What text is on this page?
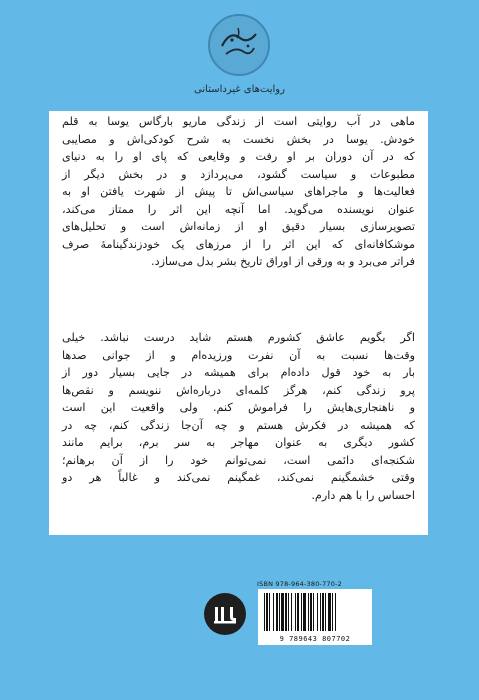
روایت‌های غیرداستانی
ماهی در آب روایتی است از زندگی ماریو بارگاس یوسا به قلم
خودش. یوسا در بخش نخست به شرح کودکی‌اش و مصایبی
که در آن دوران بر او رفت و وقایعی که پای او را به دنیای
مطبوعات و سیاست گشود، می‌پردازد و در بخش دیگر از
فعالیت‌ها و ماجراهای سیاسی‌اش تا پیش از شهرت یافتن او به
عنوان نویسنده می‌گوید. اما آنچه این اثر را ممتاز می‌کند،
تصویرسازی بسیار دقیق او از زمانه‌اش است و تحلیل‌های
موشکافانه‌ای که این اثر را از مرزهای یک خودزندگینامهٔ صرف
فراتر می‌برد و به ورقی از اوراق تاریخ بشر بدل می‌سازد.
اگر بگویم عاشق کشورم هستم شاید درست نباشد. خیلی
وقت‌ها نسبت به آن نفرت ورزیده‌ام و از جوانی صدها
بار به خود قول داده‌ام برای همیشه در جایی بسیار دور از
پرو زندگی کنم، هرگز کلمه‌ای درباره‌اش ننویسم و نقص‌ها
و ناهنجاری‌هایش را فراموش کنم. ولی واقعیت این است
که همیشه در فکرش هستم و چه آن‌جا زندگی کنم، چه در
کشور دیگری به عنوان مهاجر به سر برم، برایم مانند
شکنجه‌ای دائمی است، نمی‌توانم خود را از آن برهانم؛
وقتی خشمگینم نمی‌کند، غمگینم نمی‌کند و غالباً هر دو
احساس را با هم دارم.
ISBN 978-964-380-770-2
9 789643 807702
